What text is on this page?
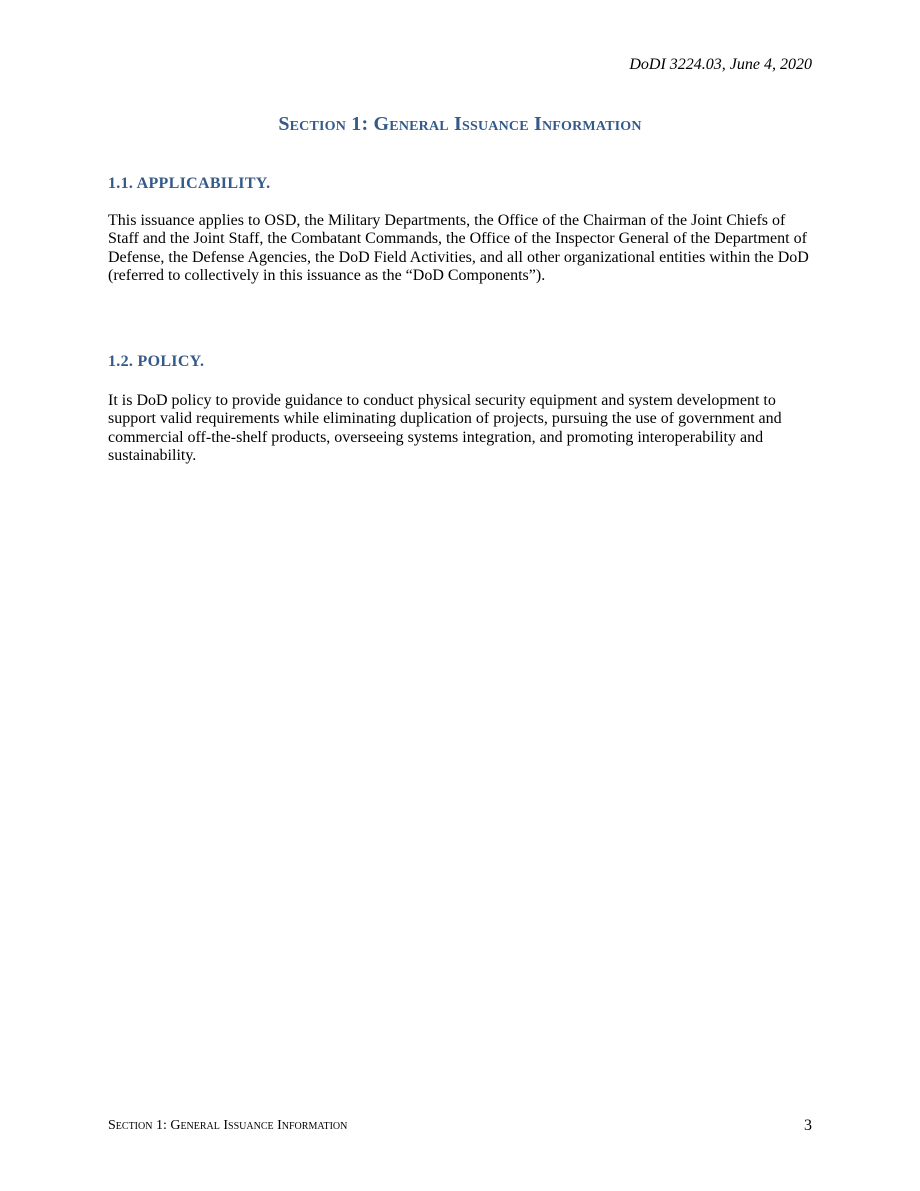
DoDI 3224.03, June 4, 2020
Section 1: General Issuance Information
1.1. APPLICABILITY.

This issuance applies to OSD, the Military Departments, the Office of the Chairman of the Joint Chiefs of Staff and the Joint Staff, the Combatant Commands, the Office of the Inspector General of the Department of Defense, the Defense Agencies, the DoD Field Activities, and all other organizational entities within the DoD (referred to collectively in this issuance as the “DoD Components”).

1.2. POLICY.

It is DoD policy to provide guidance to conduct physical security equipment and system development to support valid requirements while eliminating duplication of projects, pursuing the use of government and commercial off-the-shelf products, overseeing systems integration, and promoting interoperability and sustainability.

Section 1: General Issuance Information	3
